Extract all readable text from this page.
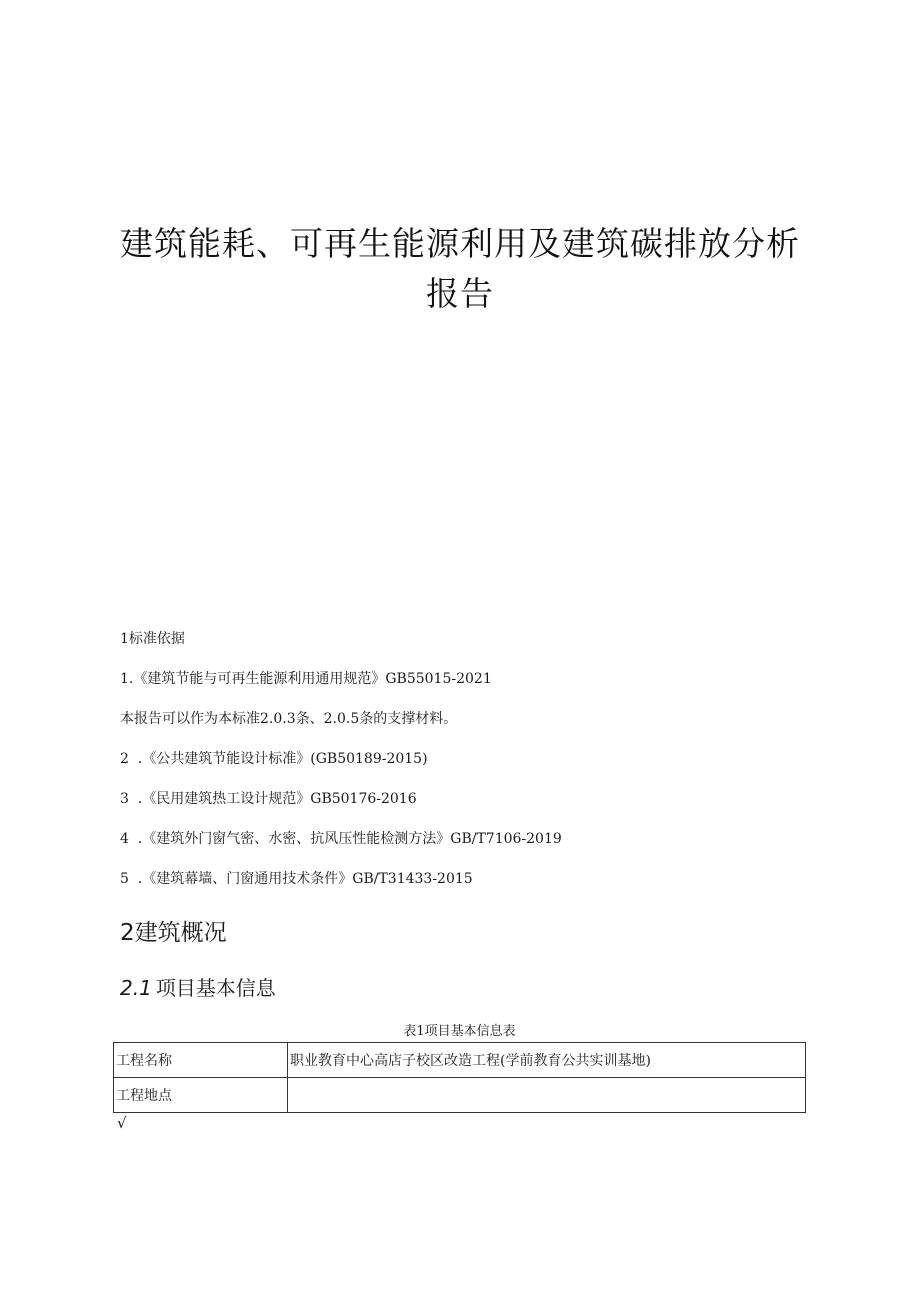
建筑能耗、可再生能源利用及建筑碳排放分析
报告

1标准依据

1.《建筑节能与可再生能源利用通用规范》GB55015-2021

本报告可以作为本标准2.0.3条、2.0.5条的支撑材料。

2  .《公共建筑节能设计标准》(GB50189-2015)

3  .《民用建筑热工设计规范》GB50176-2016

4  .《建筑外门窗气密、水密、抗风压性能检测方法》GB/T7106-2019

5  .《建筑幕墙、门窗通用技术条件》GB/T31433-2015

2建筑概况
2.1 项目基本信息

表1项目基本信息表

工程名称	职业教育中心高店子校区改造工程(学前教育公共实训基地)
工程地点	

√
